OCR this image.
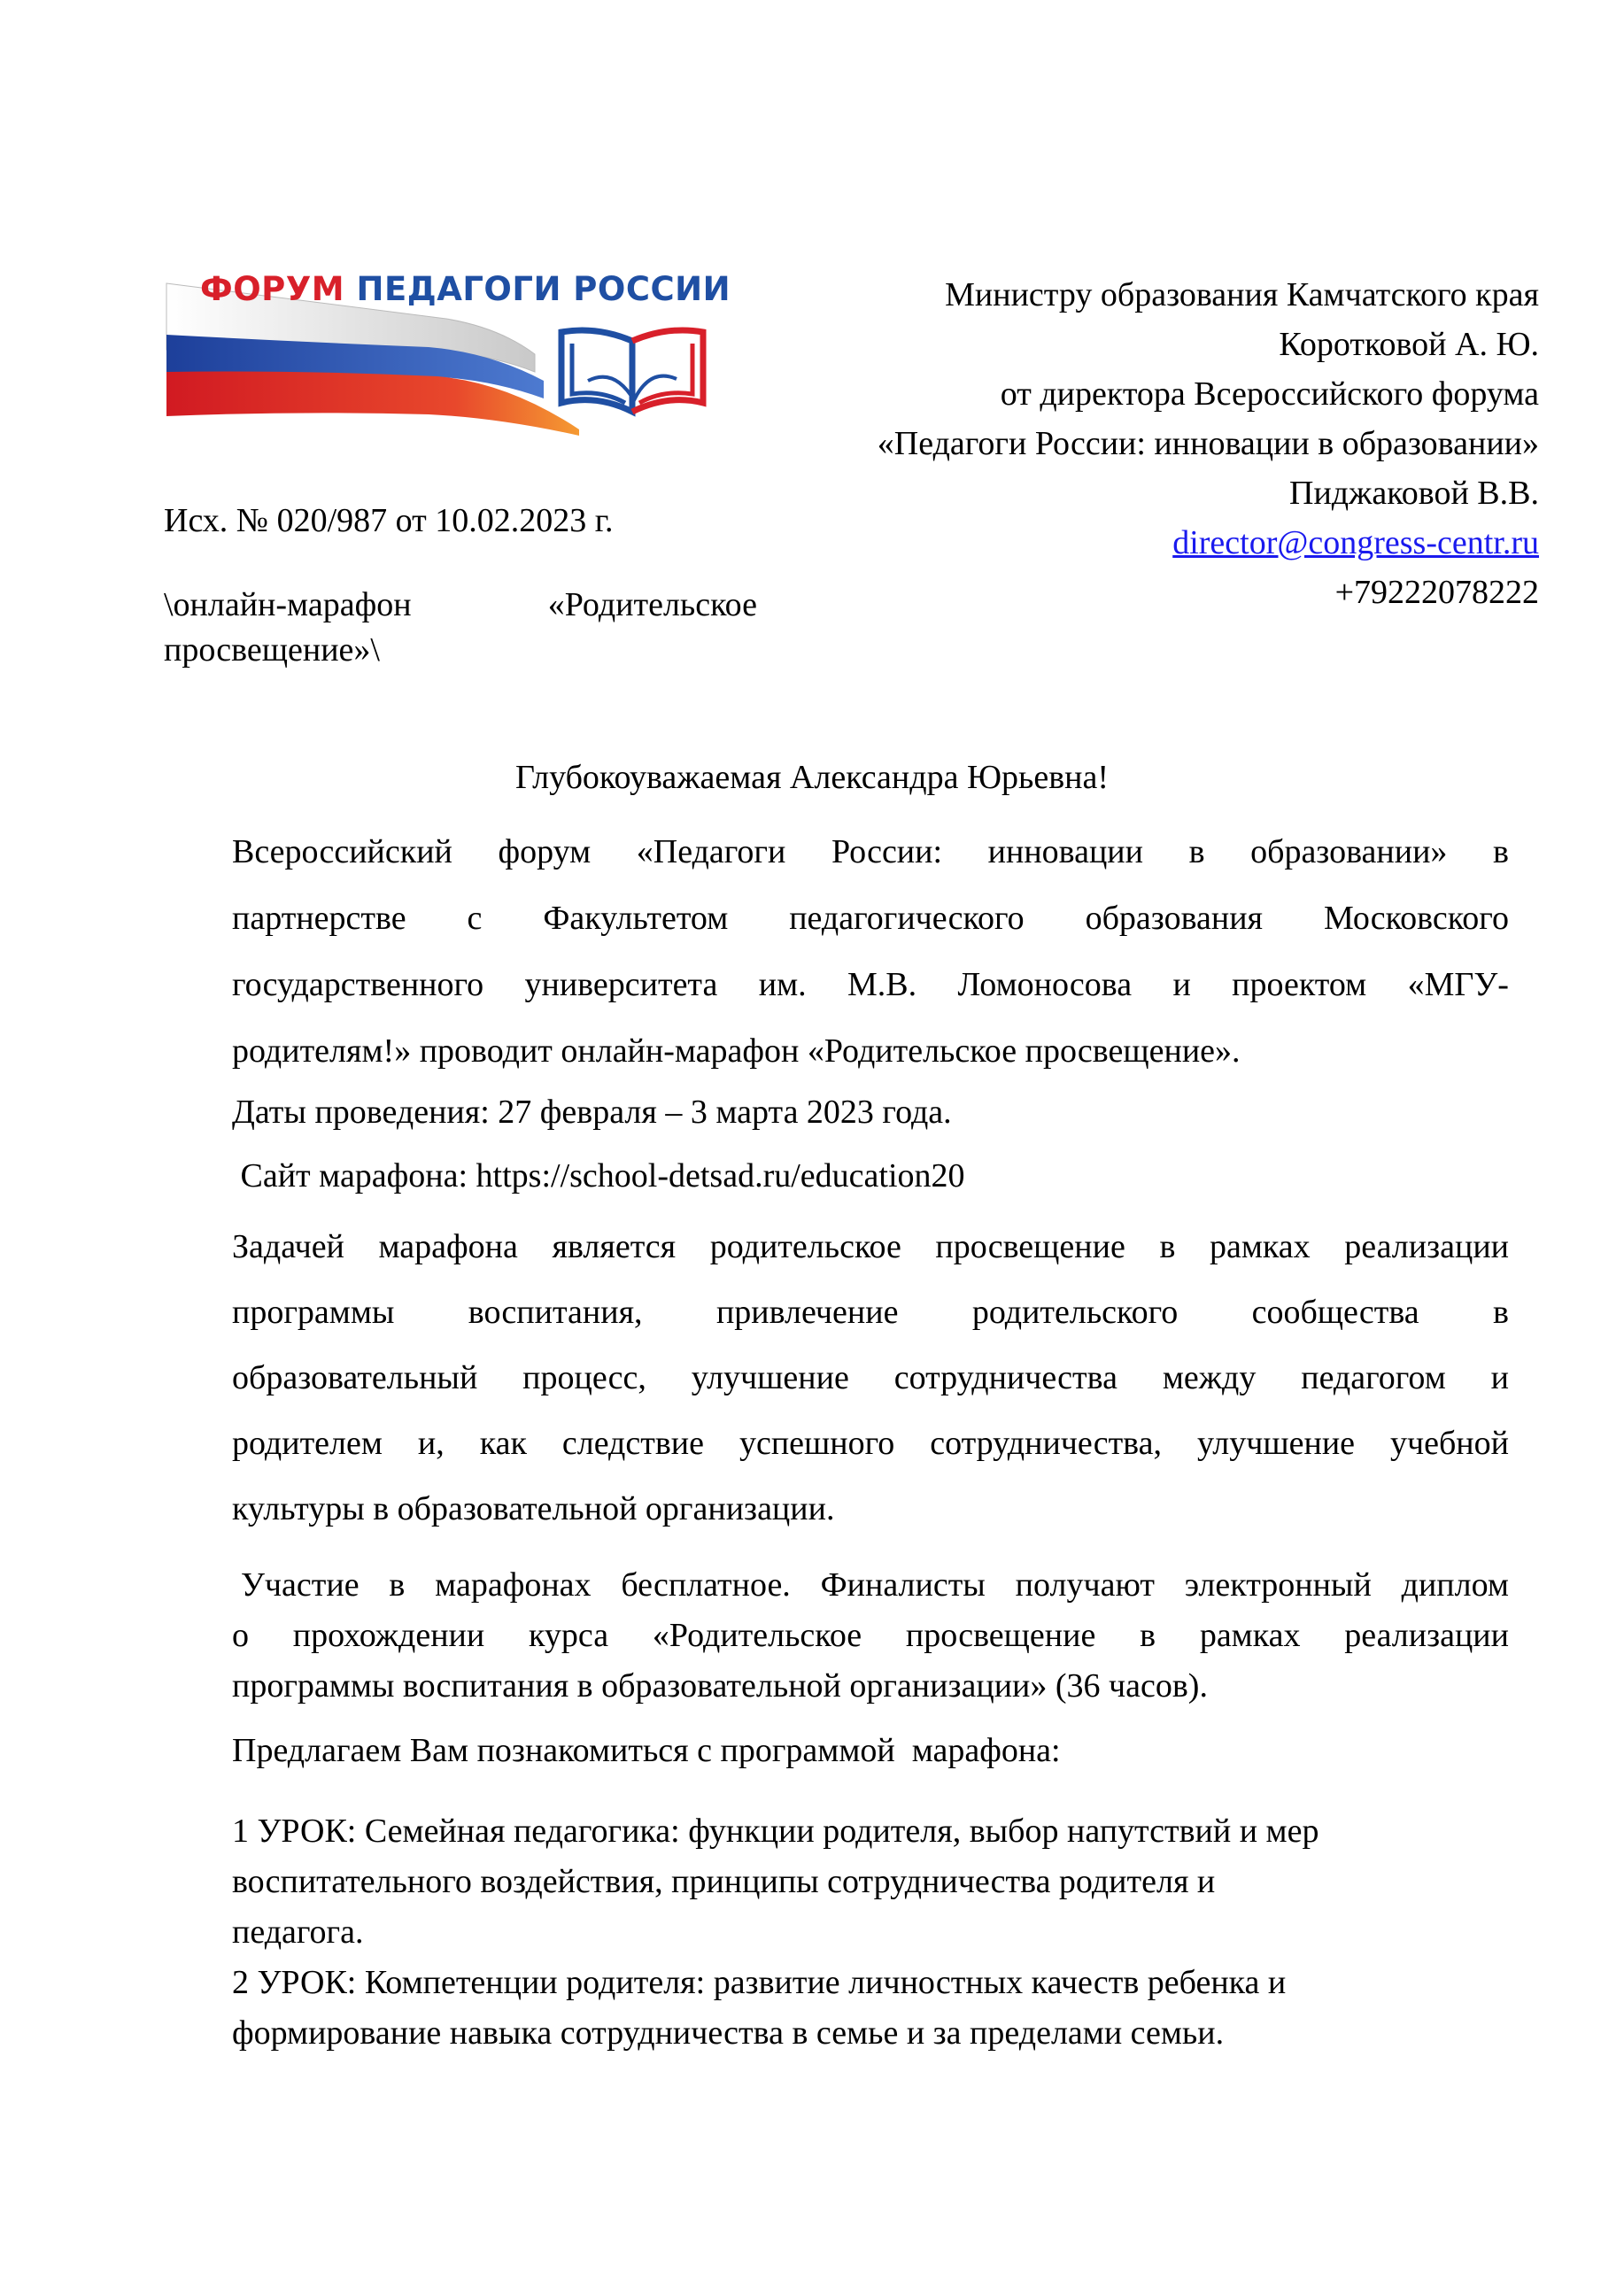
ФОРУМ ПЕДАГОГИ РОССИИ	Министру образования Камчатского края
Коротковой А. Ю.
от директора Всероссийского форума
«Педагоги России: инновации в образовании»
Пиджаковой В.В.
director@congress-centr.ru
+79222078222
Исх. № 020/987 от 10.02.2023 г.
\онлайн-марафон	«Родительское
просвещение»\
Глубокоуважаемая Александра Юрьевна!
Всероссийский форум «Педагоги России: инновации в образовании» в
партнерстве с Факультетом педагогического образования Московского
государственного университета им. М.В. Ломоносова и проектом «МГУ-
родителям!» проводит онлайн-марафон «Родительское просвещение».
Даты проведения: 27 февраля – 3 марта 2023 года.
Сайт марафона: https://school-detsad.ru/education20
Задачей марафона является родительское просвещение в рамках реализации
программы воспитания, привлечение родительского сообщества в
образовательный процесс, улучшение сотрудничества между педагогом и
родителем и, как следствие успешного сотрудничества, улучшение учебной
культуры в образовательной организации.
Участие в марафонах бесплатное. Финалисты получают электронный диплом
о прохождении курса «Родительское просвещение в рамках реализации
программы воспитания в образовательной организации» (36 часов).
Предлагаем Вам познакомиться с программой  марафона:
1 УРОК: Семейная педагогика: функции родителя, выбор напутствий и мер
воспитательного воздействия, принципы сотрудничества родителя и
педагога.
2 УРОК: Компетенции родителя: развитие личностных качеств ребенка и
формирование навыка сотрудничества в семье и за пределами семьи.
